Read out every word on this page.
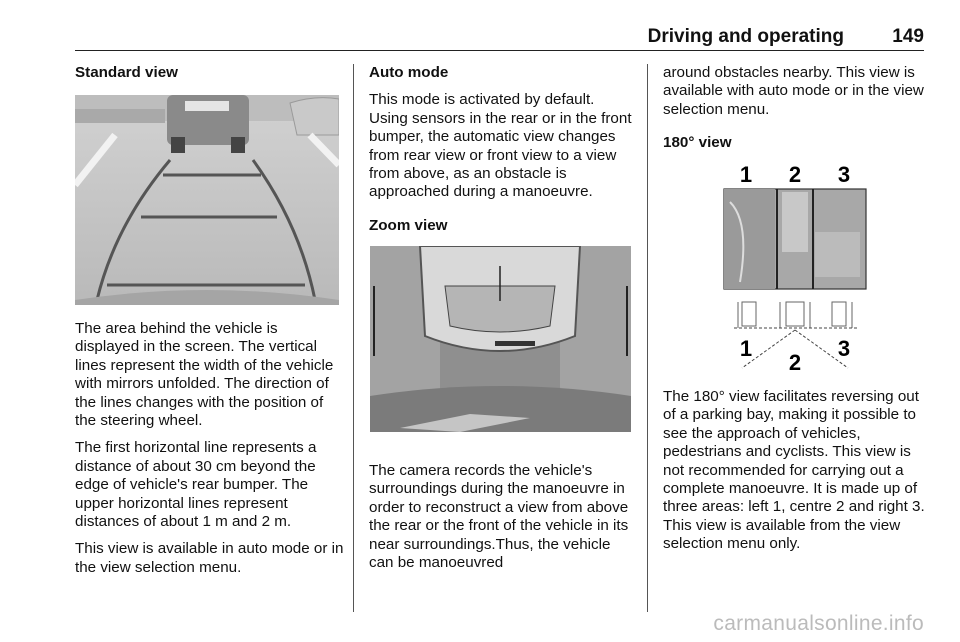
Driving and operating	149

Standard view

The area behind the vehicle is displayed in the screen. The vertical lines represent the width of the vehicle with mirrors unfolded. The direction of the lines changes with the position of the steering wheel.

The first horizontal line represents a distance of about 30 cm beyond the edge of vehicle's rear bumper. The upper horizontal lines represent distances of about 1 m and 2 m.

This view is available in auto mode or in the view selection menu.

Auto mode

This mode is activated by default. Using sensors in the rear or in the front bumper, the automatic view changes from rear view or front view to a view from above, as an obstacle is approached during a manoeuvre.

Zoom view

The camera records the vehicle's surroundings during the manoeuvre in order to reconstruct a view from above the rear or the front of the vehicle in its near surroundings.Thus, the vehicle can be manoeuvred

around obstacles nearby. This view is available with auto mode or in the view selection menu.

180° view

1 2 3
1
2
3

The 180° view facilitates reversing out of a parking bay, making it possible to see the approach of vehicles, pedestrians and cyclists. This view is not recommended for carrying out a complete manoeuvre. It is made up of three areas: left 1, centre 2 and right 3. This view is available from the view selection menu only.

carmanualsonline.info
